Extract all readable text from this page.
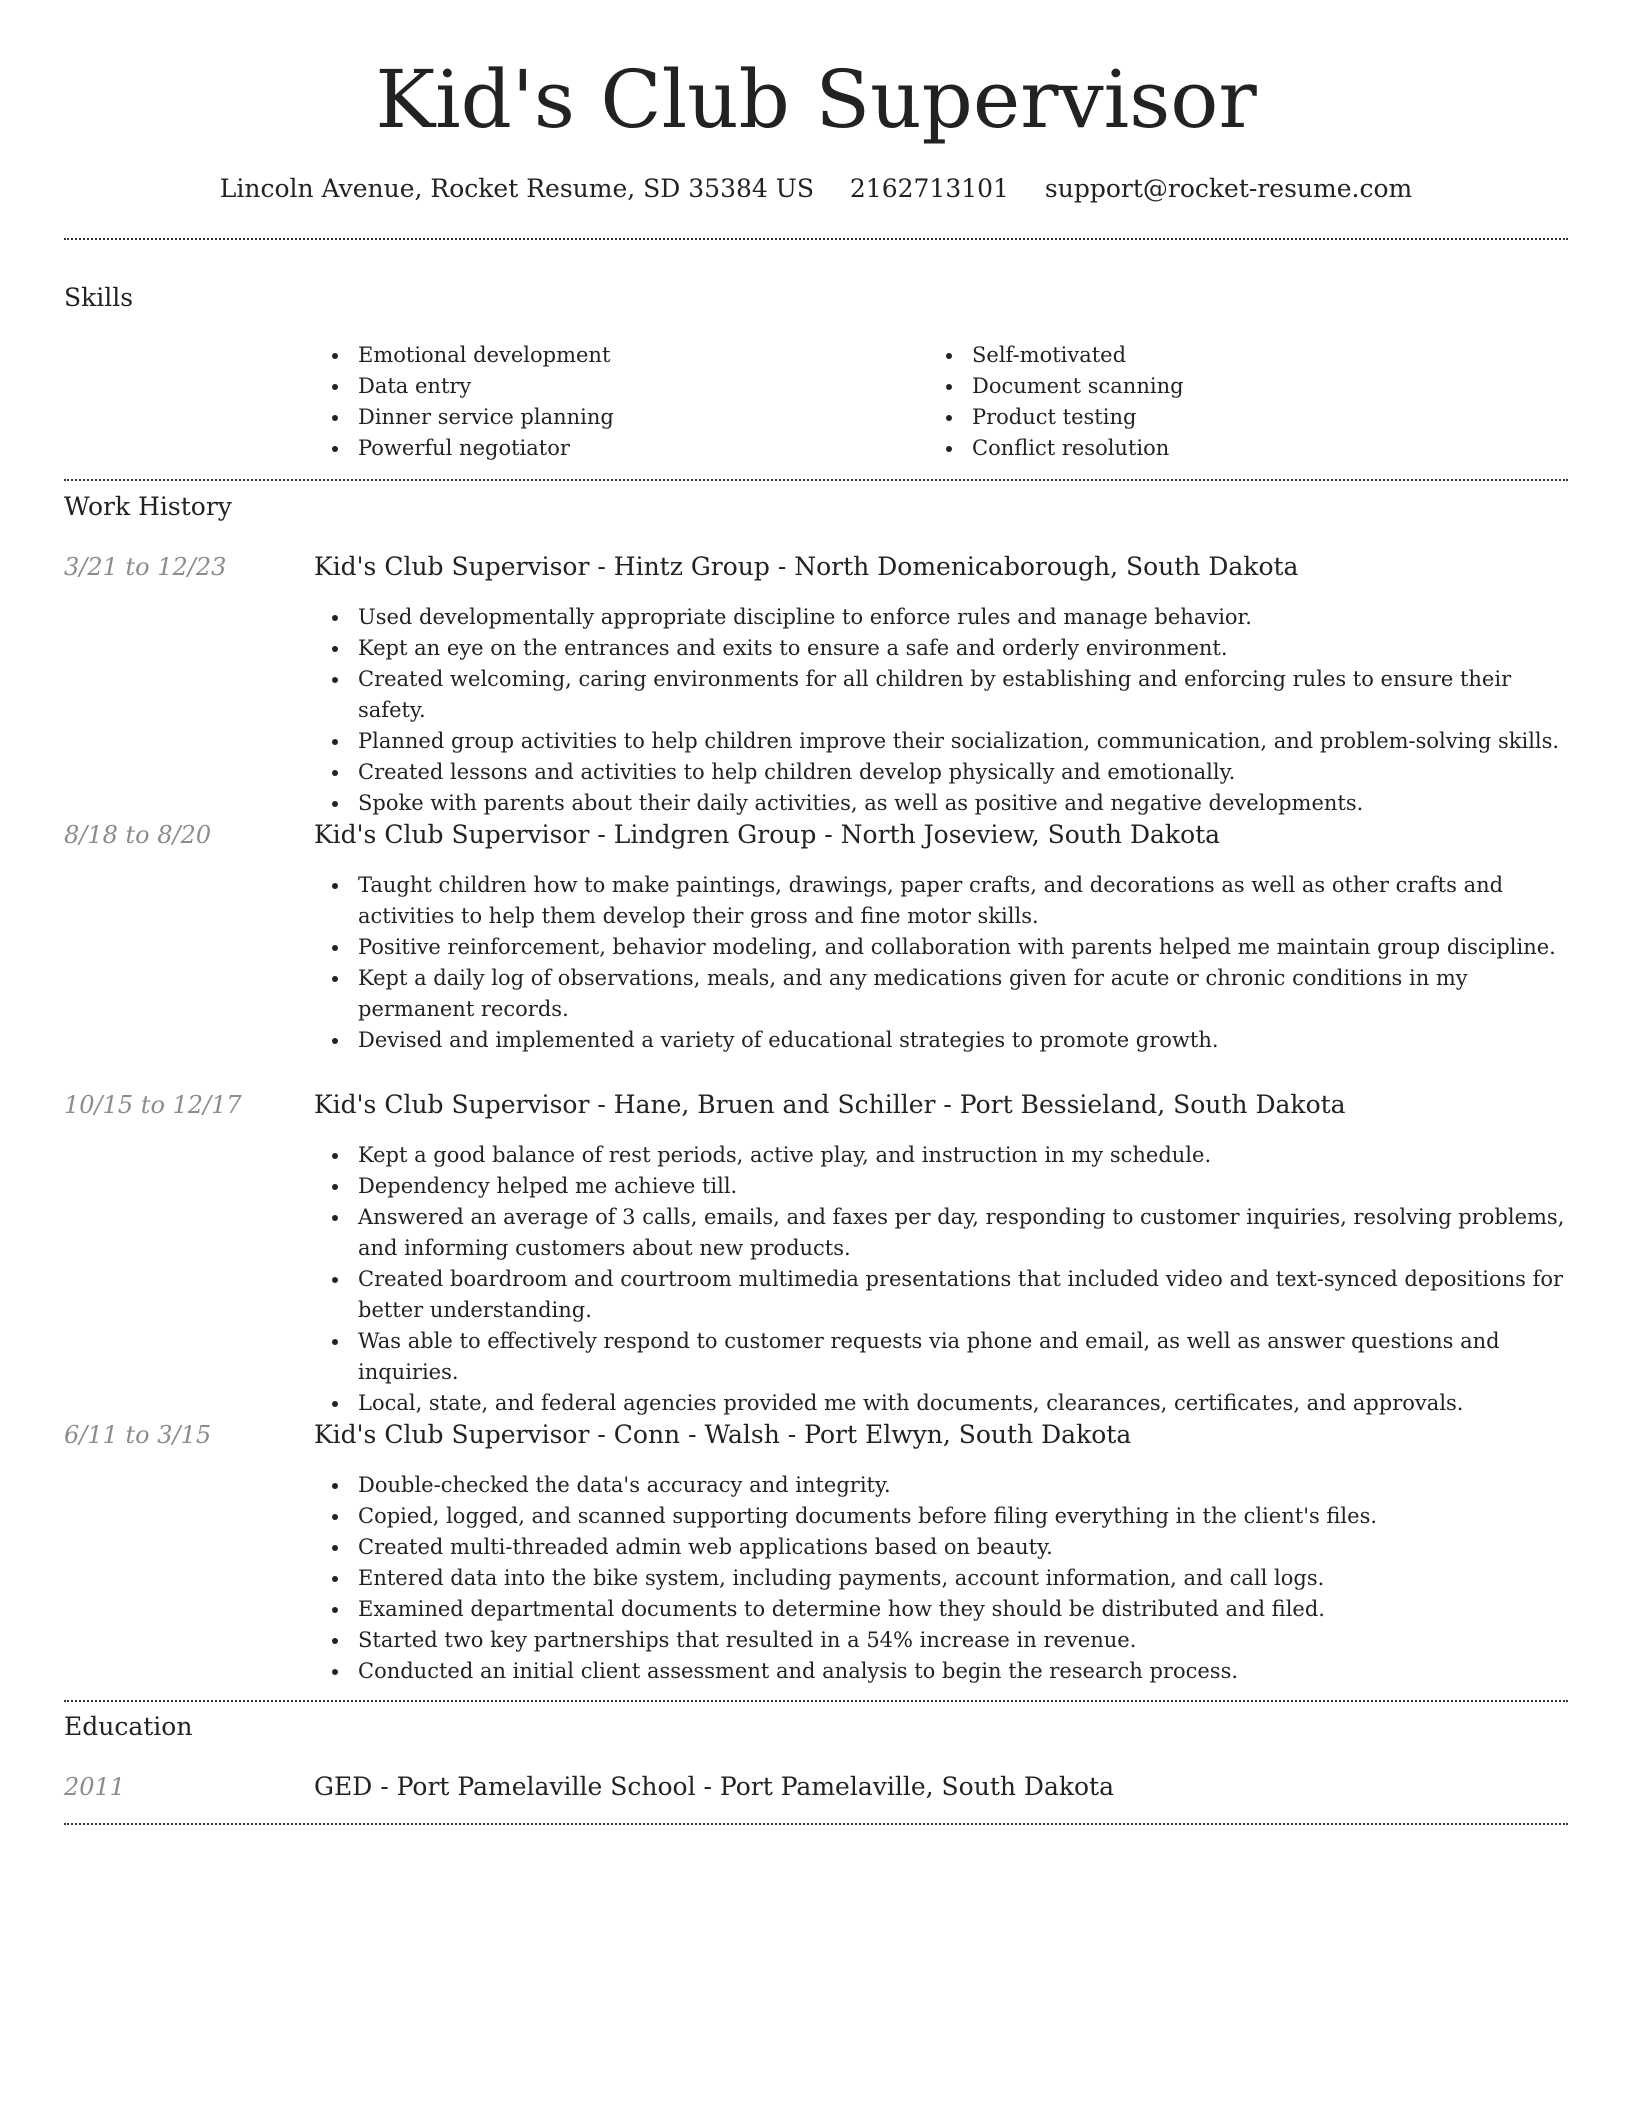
Kid's Club Supervisor
Lincoln Avenue, Rocket Resume, SD 35384 US 2162713101 support@rocket-resume.com
Skills
Emotional development
Data entry
Dinner service planning
Powerful negotiator
Self-motivated
Document scanning
Product testing
Conflict resolution
Work History
3/21 to 12/23	Kid's Club Supervisor - Hintz Group - North Domenicaborough, South Dakota
Used developmentally appropriate discipline to enforce rules and manage behavior.
Kept an eye on the entrances and exits to ensure a safe and orderly environment.
Created welcoming, caring environments for all children by establishing and enforcing rules to ensure their safety.
Planned group activities to help children improve their socialization, communication, and problem-solving skills.
Created lessons and activities to help children develop physically and emotionally.
Spoke with parents about their daily activities, as well as positive and negative developments.
8/18 to 8/20	Kid's Club Supervisor - Lindgren Group - North Joseview, South Dakota
Taught children how to make paintings, drawings, paper crafts, and decorations as well as other crafts and activities to help them develop their gross and fine motor skills.
Positive reinforcement, behavior modeling, and collaboration with parents helped me maintain group discipline.
Kept a daily log of observations, meals, and any medications given for acute or chronic conditions in my permanent records.
Devised and implemented a variety of educational strategies to promote growth.
10/15 to 12/17	Kid's Club Supervisor - Hane, Bruen and Schiller - Port Bessieland, South Dakota
Kept a good balance of rest periods, active play, and instruction in my schedule.
Dependency helped me achieve till.
Answered an average of 3 calls, emails, and faxes per day, responding to customer inquiries, resolving problems, and informing customers about new products.
Created boardroom and courtroom multimedia presentations that included video and text-synced depositions for better understanding.
Was able to effectively respond to customer requests via phone and email, as well as answer questions and inquiries.
Local, state, and federal agencies provided me with documents, clearances, certificates, and approvals.
6/11 to 3/15	Kid's Club Supervisor - Conn - Walsh - Port Elwyn, South Dakota
Double-checked the data's accuracy and integrity.
Copied, logged, and scanned supporting documents before filing everything in the client's files.
Created multi-threaded admin web applications based on beauty.
Entered data into the bike system, including payments, account information, and call logs.
Examined departmental documents to determine how they should be distributed and filed.
Started two key partnerships that resulted in a 54% increase in revenue.
Conducted an initial client assessment and analysis to begin the research process.
Education
2011	GED - Port Pamelaville School - Port Pamelaville, South Dakota
